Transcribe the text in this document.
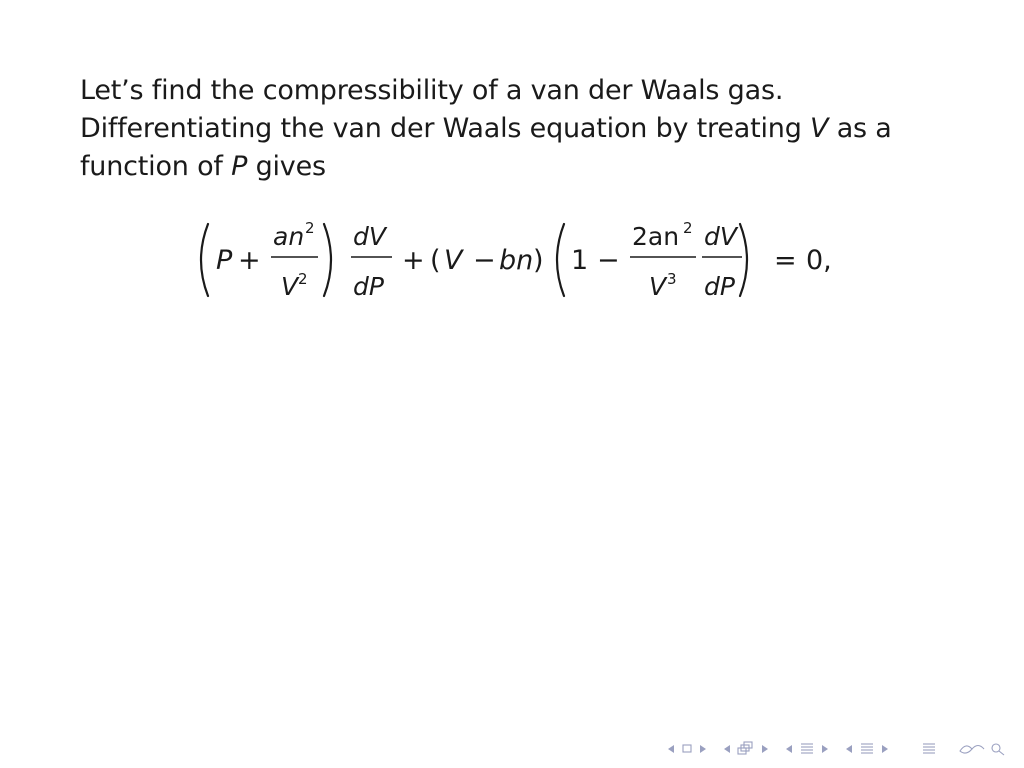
Let’s find the compressibility of a van der Waals gas.
Differentiating the van der Waals equation by treating V as a
function of P gives
P +
an 2
V 2
dV
dP
+ ( V − bn ) 1 −
2an 2
V 3
dV
dP
= 0,
